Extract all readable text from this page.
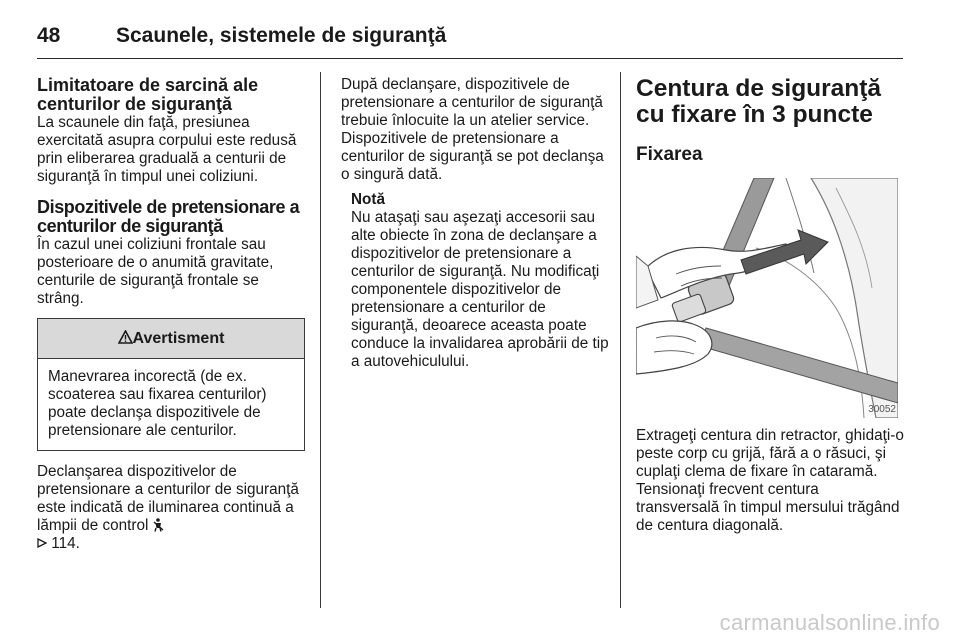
48	Scaunele, sistemele de siguranţă
Limitatoare de sarcină ale centurilor de siguranţă

La scaunele din faţă, presiunea exercitată asupra corpului este redusă prin eliberarea graduală a centurii de siguranţă în timpul unei coliziuni.

Dispozitivele de pretensionare a centurilor de siguranţă

În cazul unei coliziuni frontale sau posterioare de o anumită gravitate, centurile de siguranţă frontale se strâng.

Avertisment

Manevrarea incorectă (de ex. scoaterea sau fixarea centurilor) poate declanşa dispozitivele de pretensionare ale centurilor.

Declanşarea dispozitivelor de pretensionare a centurilor de siguranţă este indicată de iluminarea continuă a lămpii de control
114.

După declanşare, dispozitivele de pretensionare a centurilor de siguranţă trebuie înlocuite la un atelier service. Dispozitivele de pretensionare a centurilor de siguranţă se pot declanşa o singură dată.

Notă

Nu ataşaţi sau aşezaţi accesorii sau alte obiecte în zona de declanşare a dispozitivelor de pretensionare a centurilor de siguranţă. Nu modificaţi componentele dispozitivelor de pretensionare a centurilor de siguranţă, deoarece aceasta poate conduce la invalidarea aprobării de tip a autovehiculului.

Centura de siguranţă cu fixare în 3 puncte
Fixarea
30052

Extrageţi centura din retractor, ghidaţi-o peste corp cu grijă, fără a o răsuci, şi cuplaţi clema de fixare în cataramă. Tensionaţi frecvent centura transversală în timpul mersului trăgând de centura diagonală.

carmanualsonline.info
